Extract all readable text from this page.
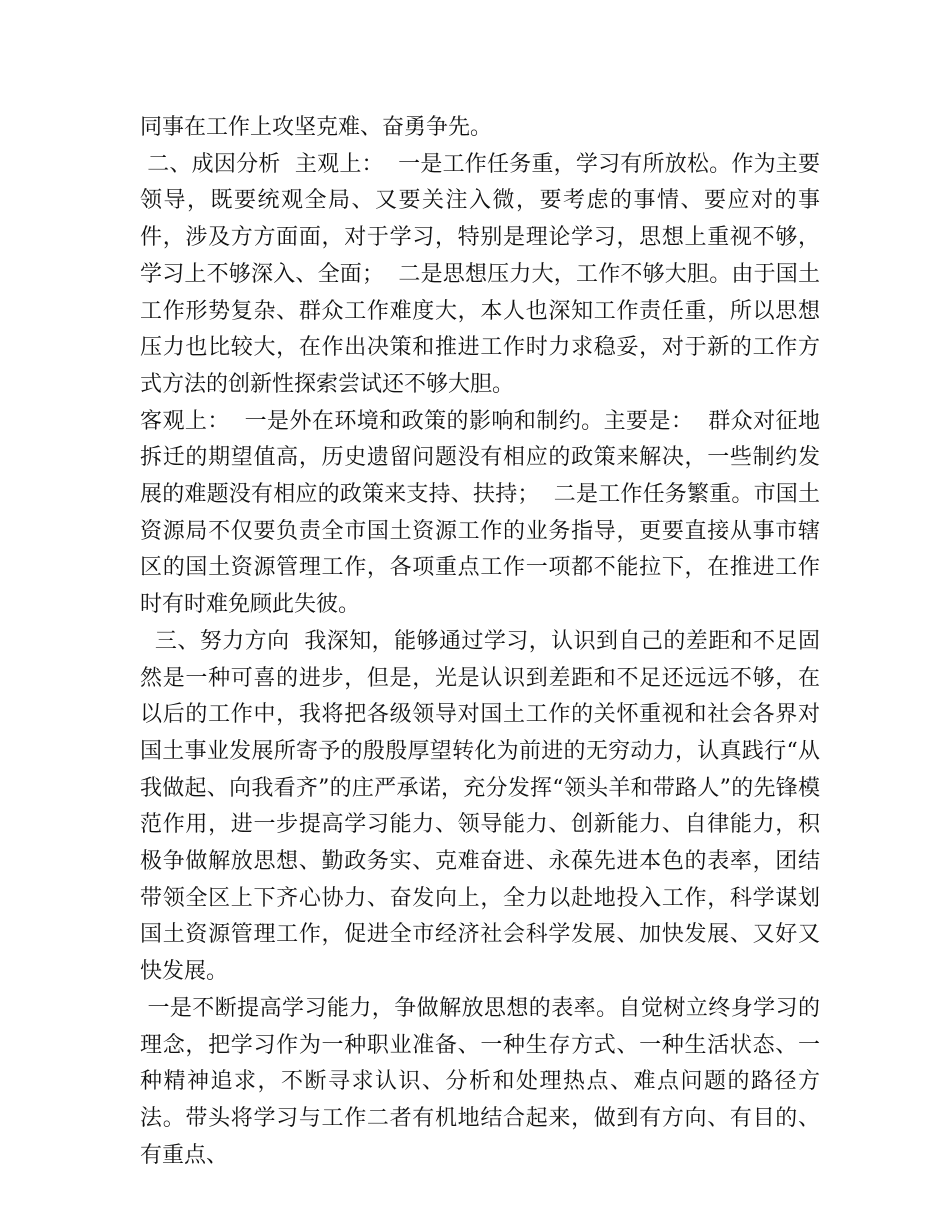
同事在工作上攻坚克难、奋勇争先。

二、成因分析  主观上：  一是工作任务重，学习有所放松。作为主要领导，既要统观全局、又要关注入微，要考虑的事情、要应对的事件，涉及方方面面，对于学习，特别是理论学习，思想上重视不够，学习上不够深入、全面；  二是思想压力大，工作不够大胆。由于国土工作形势复杂、群众工作难度大，本人也深知工作责任重，所以思想压力也比较大，在作出决策和推进工作时力求稳妥，对于新的工作方式方法的创新性探索尝试还不够大胆。

客观上：  一是外在环境和政策的影响和制约。主要是：  群众对征地拆迁的期望值高，历史遗留问题没有相应的政策来解决，一些制约发展的难题没有相应的政策来支持、扶持；  二是工作任务繁重。市国土资源局不仅要负责全市国土资源工作的业务指导，更要直接从事市辖区的国土资源管理工作，各项重点工作一项都不能拉下，在推进工作时有时难免顾此失彼。

三、努力方向  我深知，能够通过学习，认识到自己的差距和不足固然是一种可喜的进步，但是，光是认识到差距和不足还远远不够，在以后的工作中，我将把各级领导对国土工作的关怀重视和社会各界对国土事业发展所寄予的殷殷厚望转化为前进的无穷动力，认真践行“从我做起、向我看齐”的庄严承诺，充分发挥“领头羊和带路人”的先锋模范作用，进一步提高学习能力、领导能力、创新能力、自律能力，积极争做解放思想、勤政务实、克难奋进、永葆先进本色的表率，团结带领全区上下齐心协力、奋发向上，全力以赴地投入工作，科学谋划国土资源管理工作，促进全市经济社会科学发展、加快发展、又好又快发展。

一是不断提高学习能力，争做解放思想的表率。自觉树立终身学习的理念，把学习作为一种职业准备、一种生存方式、一种生活状态、一种精神追求，不断寻求认识、分析和处理热点、难点问题的路径方法。带头将学习与工作二者有机地结合起来，做到有方向、有目的、有重点、
